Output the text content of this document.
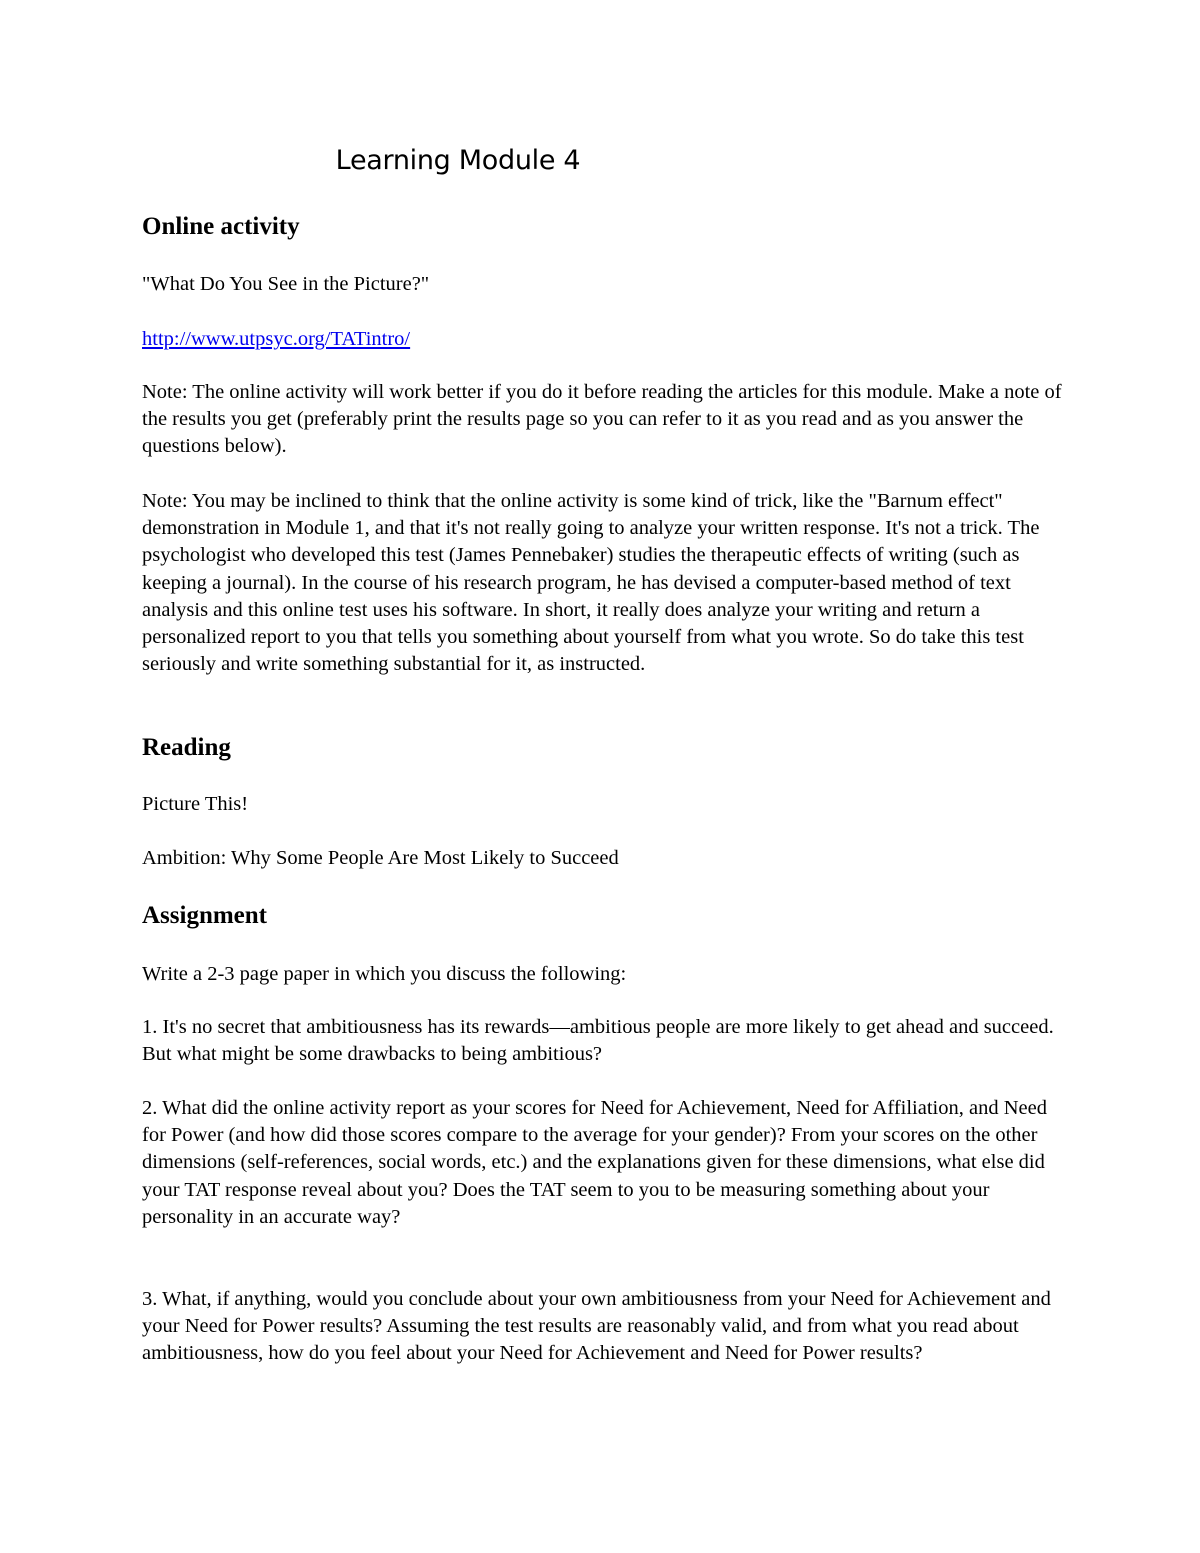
Learning Module 4
Online activity

"What Do You See in the Picture?"

http://www.utpsyc.org/TATintro/

Note: The online activity will work better if you do it before reading the articles for this module. Make a note of the results you get (preferably print the results page so you can refer to it as you read and as you answer the questions below).

Note: You may be inclined to think that the online activity is some kind of trick, like the "Barnum effect" demonstration in Module 1, and that it's not really going to analyze your written response. It's not a trick. The psychologist who developed this test (James Pennebaker) studies the therapeutic effects of writing (such as keeping a journal). In the course of his research program, he has devised a computer-based method of text analysis and this online test uses his software. In short, it really does analyze your writing and return a personalized report to you that tells you something about yourself from what you wrote. So do take this test seriously and write something substantial for it, as instructed.

Reading

Picture This!

Ambition: Why Some People Are Most Likely to Succeed

Assignment

Write a 2-3 page paper in which you discuss the following:

1. It's no secret that ambitiousness has its rewards—ambitious people are more likely to get ahead and succeed. But what might be some drawbacks to being ambitious?

2. What did the online activity report as your scores for Need for Achievement, Need for Affiliation, and Need for Power (and how did those scores compare to the average for your gender)? From your scores on the other dimensions (self-references, social words, etc.) and the explanations given for these dimensions, what else did your TAT response reveal about you? Does the TAT seem to you to be measuring something about your personality in an accurate way?

3. What, if anything, would you conclude about your own ambitiousness from your Need for Achievement and your Need for Power results? Assuming the test results are reasonably valid, and from what you read about ambitiousness, how do you feel about your Need for Achievement and Need for Power results?
